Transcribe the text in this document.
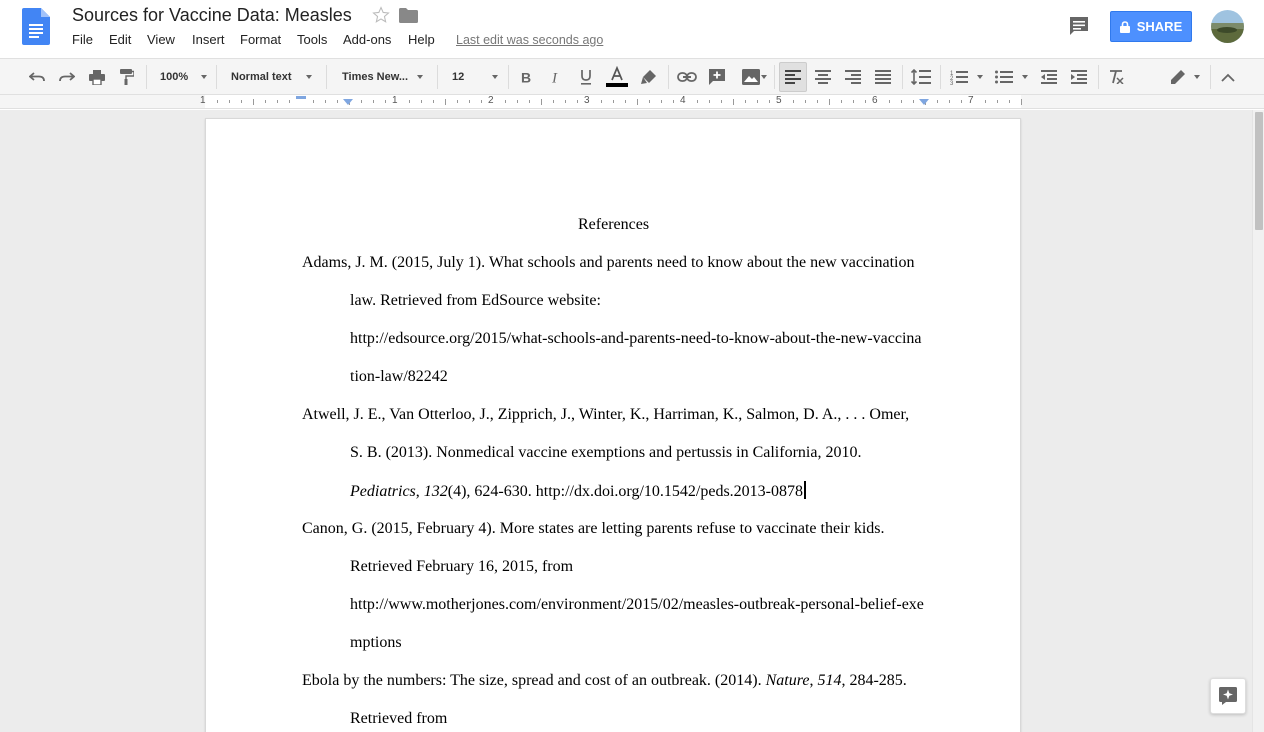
Sources for Vaccine Data: Measles
File Edit View Insert Format Tools Add-ons Help Last edit was seconds ago
SHARE
100%	Normal text	Times New...	12	B I	1
2
3
1	1	2	3	4	5	6	7
References
Adams, J. M. (2015, July 1). What schools and parents need to know about the new vaccination
law. Retrieved from EdSource website:
http://edsource.org/2015/what-schools-and-parents-need-to-know-about-the-new-vaccina
tion-law/82242
Atwell, J. E., Van Otterloo, J., Zipprich, J., Winter, K., Harriman, K., Salmon, D. A., . . . Omer,
S. B. (2013). Nonmedical vaccine exemptions and pertussis in California, 2010.
Pediatrics, 132(4), 624-630. http://dx.doi.org/10.1542/peds.2013-0878
Canon, G. (2015, February 4). More states are letting parents refuse to vaccinate their kids.
Retrieved February 16, 2015, from
http://www.motherjones.com/environment/2015/02/measles-outbreak-personal-belief-exe
mptions
Ebola by the numbers: The size, spread and cost of an outbreak. (2014). Nature, 514, 284-285.
Retrieved from
